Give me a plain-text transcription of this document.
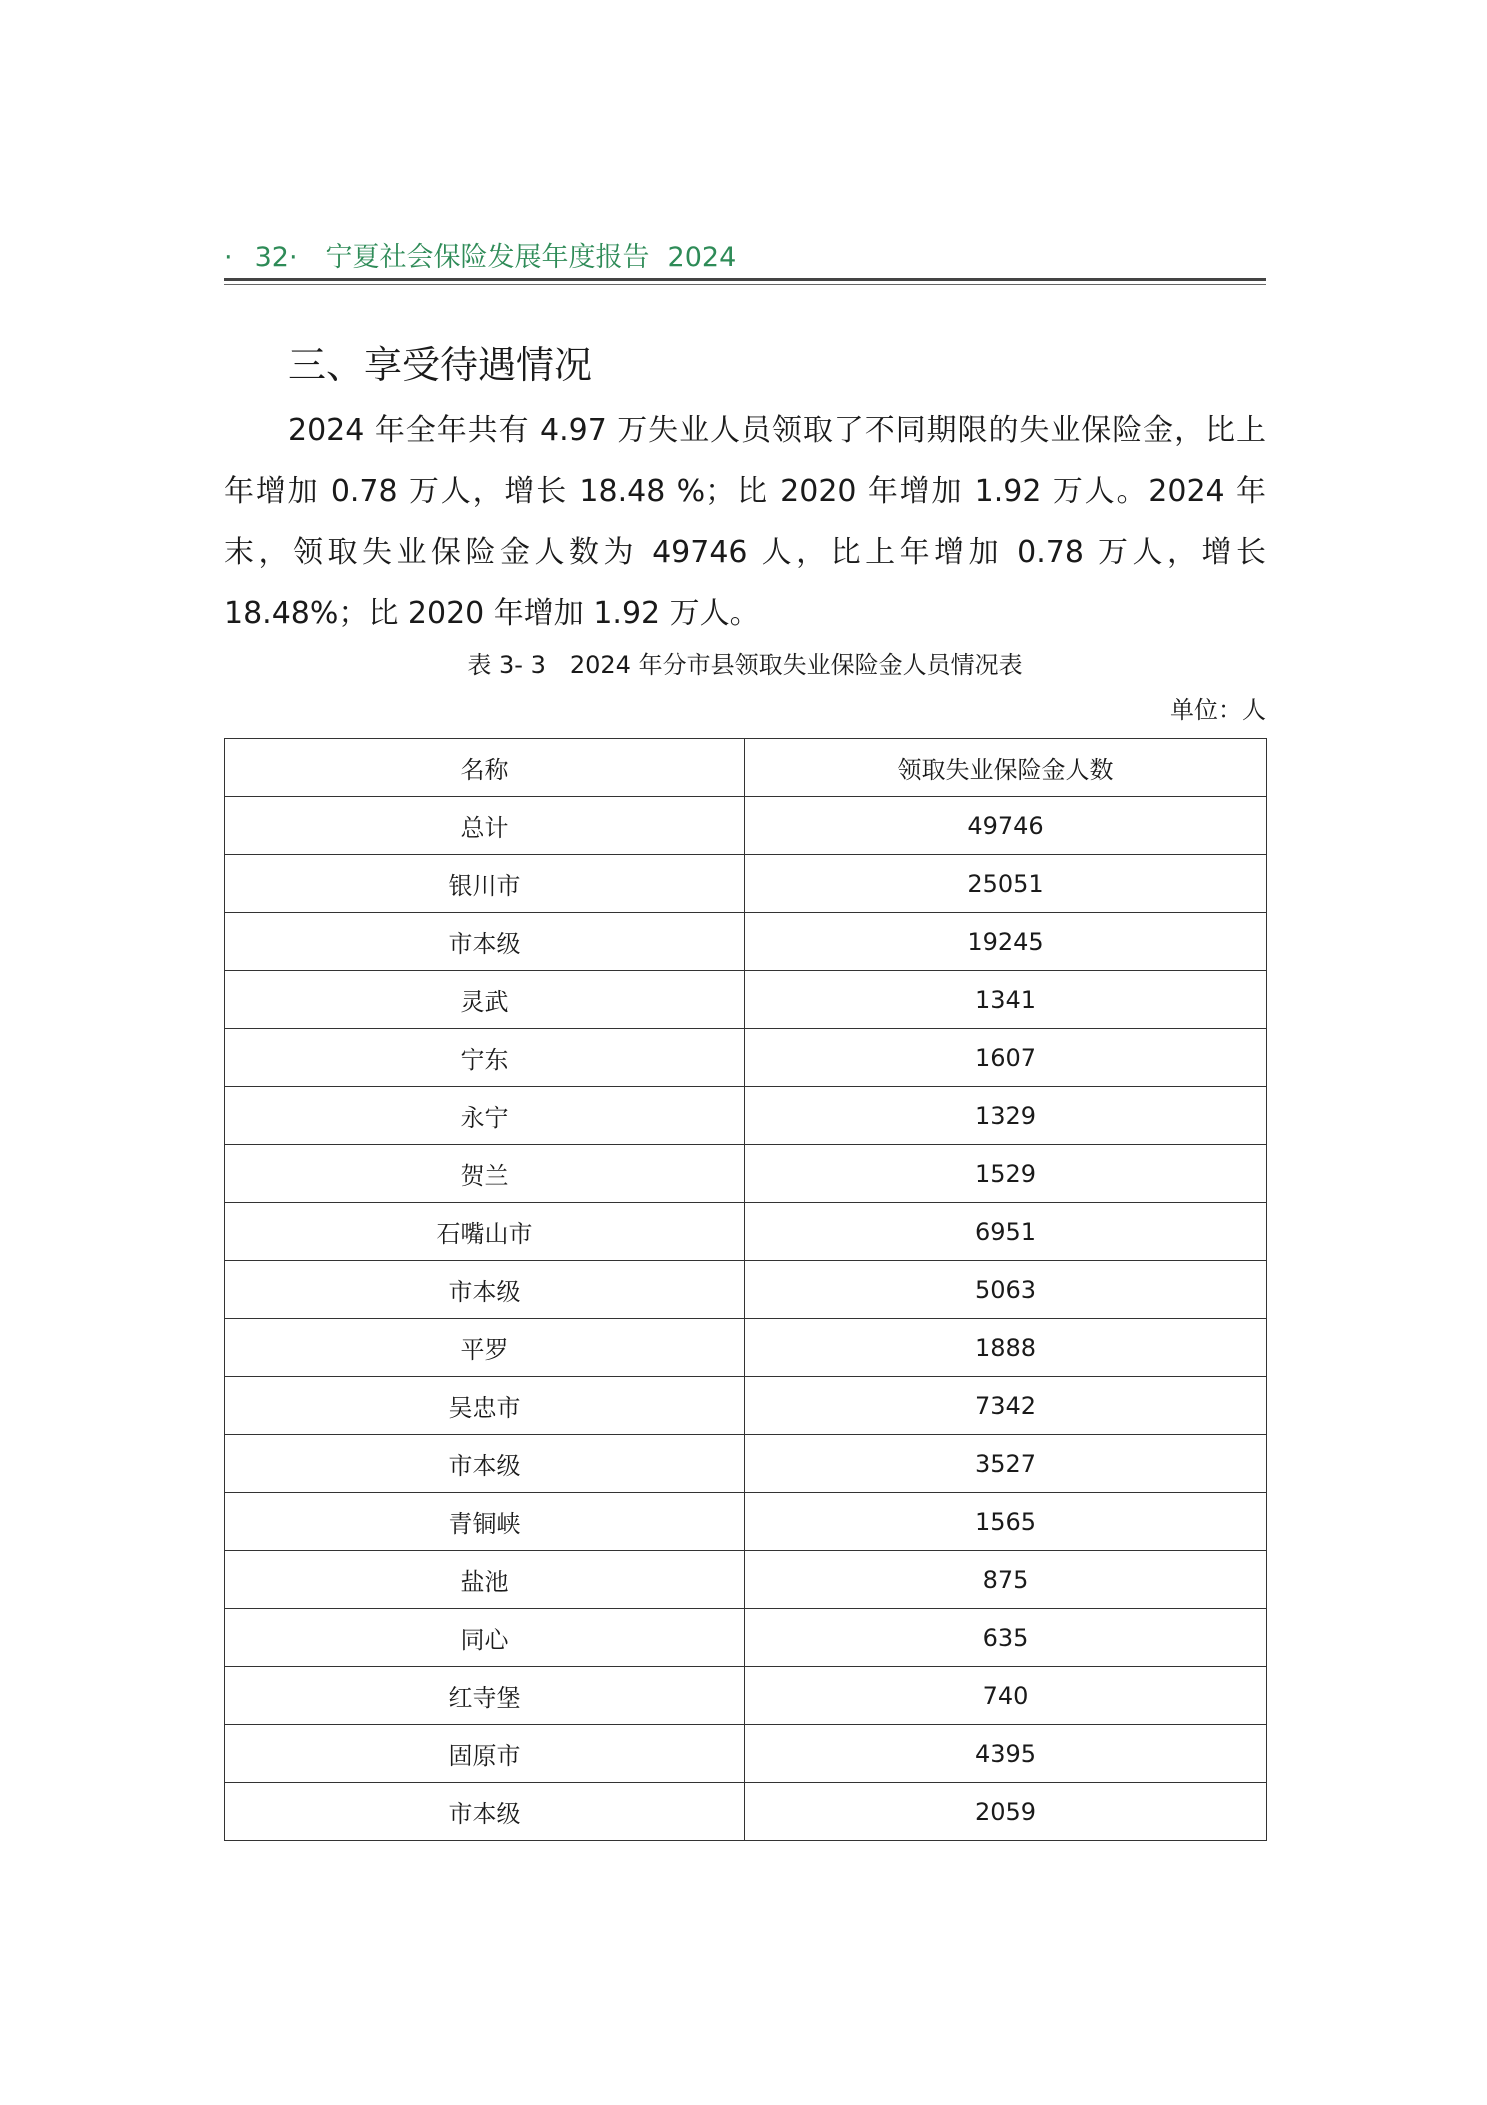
· 32· 宁夏社会保险发展年度报告 2024
三、享受待遇情况

2024 年全年共有 4.97 万失业人员领取了不同期限的失业保险金，比上年增加 0.78 万人，增长 18.48 %；比 2020 年增加 1.92 万人。2024 年末，领取失业保险金人数为 49746 人，比上年增加 0.78 万人，增长 18.48%；比 2020 年增加 1.92 万人。

表 3- 3　2024 年分市县领取失业保险金人员情况表
单位：人
名称	领取失业保险金人数
总计	49746
银川市	25051
市本级	19245
灵武	1341
宁东	1607
永宁	1329
贺兰	1529
石嘴山市	6951
市本级	5063
平罗	1888
吴忠市	7342
市本级	3527
青铜峡	1565
盐池	875
同心	635
红寺堡	740
固原市	4395
市本级	2059
